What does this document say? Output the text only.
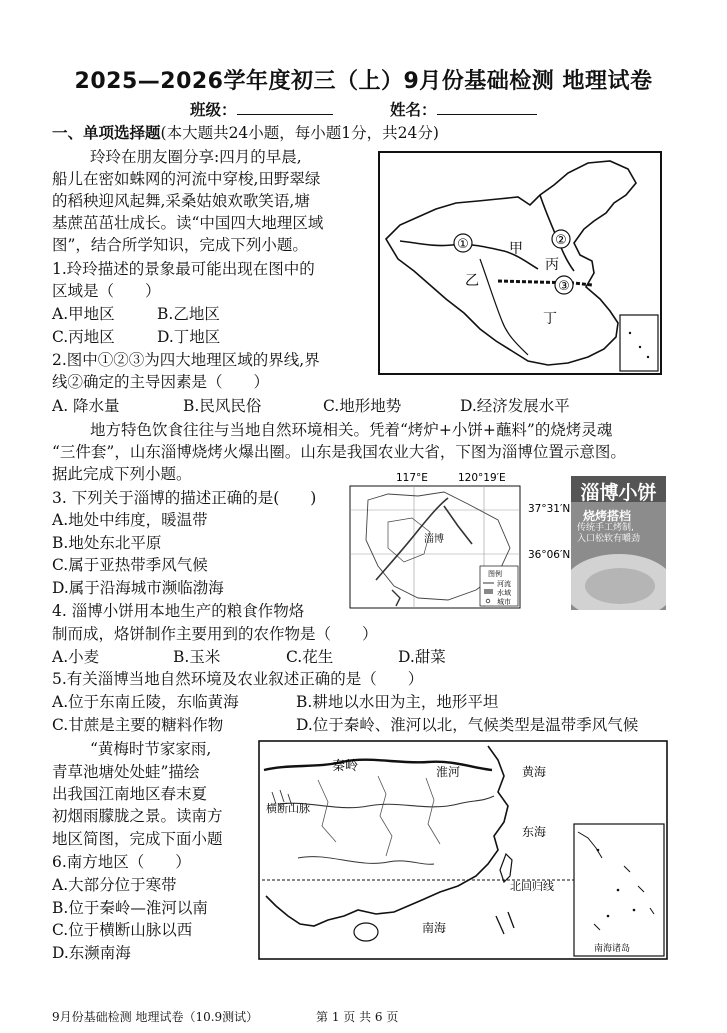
2025—2026学年度初三（上）9月份基础检测 地理试卷
班级：	姓名：
一、单项选择题(本大题共24小题，每小题1分，共24分)
玲玲在朋友圈分享:四月的早晨,
船儿在密如蛛网的河流中穿梭,田野翠绿
的稻秧迎风起舞,采桑姑娘欢歌笑语,塘
基蔗茁茁壮成长。读“中国四大地理区域
图”，结合所学知识，完成下列小题。
1.玲玲描述的景象最可能出现在图中的
区域是（　　）
A.甲地区	B.乙地区
C.丙地区	D.丁地区
2.图中①②③为四大地理区域的界线,界
线②确定的主导因素是（　　）
A. 降水量	B.民风民俗	C.地形地势	D.经济发展水平
地方特色饮食往往与当地自然环境相关。凭着“烤炉+小饼+蘸料”的烧烤灵魂
“三件套”，山东淄博烧烤火爆出圈。山东是我国农业大省，下图为淄博位置示意图。
据此完成下列小题。
3. 下列关于淄博的描述正确的是(　　)
A.地处中纬度，暖温带
B.地处东北平原
C.属于亚热带季风气候
D.属于沿海城市濒临渤海
4. 淄博小饼用本地生产的粮食作物烙
制而成，烙饼制作主要用到的农作物是（　　）
A.小麦	B.玉米	C.花生	D.甜菜
5.有关淄博当地自然环境及农业叙述正确的是（　　）
A.位于东南丘陵，东临黄海	B.耕地以水田为主，地形平坦
C.甘蔗是主要的糖料作物	D.位于秦岭、淮河以北，气候类型是温带季风气候
“黄梅时节家家雨,
青草池塘处处蛙”描绘
出我国江南地区春末夏
初烟雨朦胧之景。读南方
地区简图，完成下面小题
6.南方地区（　　）
A.大部分位于寒带
B.位于秦岭—淮河以南
C.位于横断山脉以西
D.东濒南海
①	②
③
甲
乙
丙
丁
117°E	120°19′E
淄博
37°31′N
36°06′N
图例
河流
水域
城市
淄博小饼
烧烤搭档
传统手工烤制,
入口松软有嚼劲
秦岭	淮河	黄海
横断山脉
东海
北回归线
南海
南海诸岛
9月份基础检测 地理试卷（10.9测试）	第 1 页 共 6 页
